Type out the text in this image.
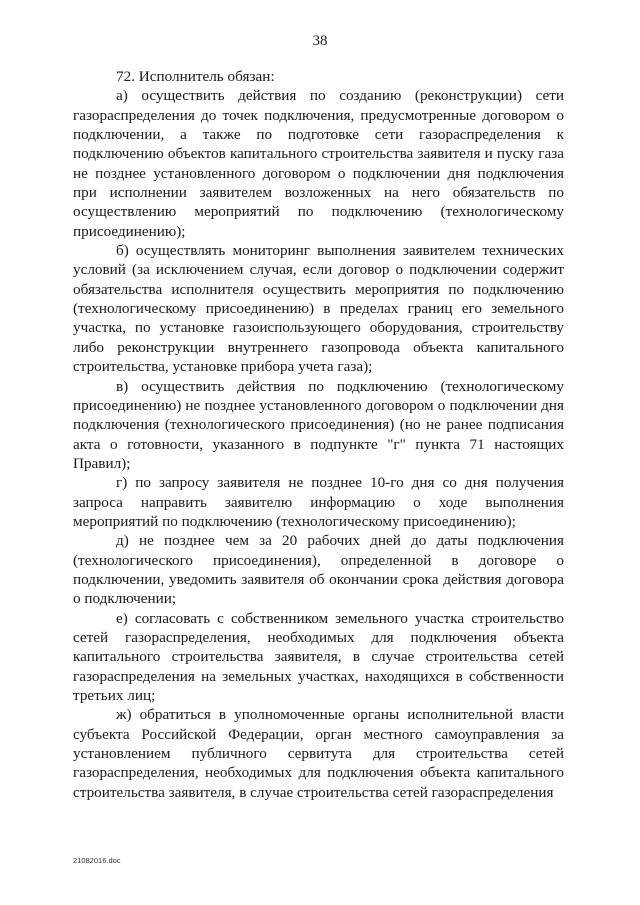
38

72. Исполнитель обязан:

а) осуществить действия по созданию (реконструкции) сети газораспределения до точек подключения, предусмотренные договором о подключении, а также по подготовке сети газораспределения к подключению объектов капитального строительства заявителя и пуску газа не позднее установленного договором о подключении дня подключения при исполнении заявителем возложенных на него обязательств по осуществлению мероприятий по подключению (технологическому присоединению);

б) осуществлять мониторинг выполнения заявителем технических условий (за исключением случая, если договор о подключении содержит обязательства исполнителя осуществить мероприятия по подключению (технологическому присоединению) в пределах границ его земельного участка, по установке газоиспользующего оборудования, строительству либо реконструкции внутреннего газопровода объекта капитального строительства, установке прибора учета газа);

в) осуществить действия по подключению (технологическому присоединению) не позднее установленного договором о подключении дня подключения (технологического присоединения) (но не ранее подписания акта о готовности, указанного в подпункте "г" пункта 71 настоящих Правил);

г) по запросу заявителя не позднее 10-го дня со дня получения запроса направить заявителю информацию о ходе выполнения мероприятий по подключению (технологическому присоединению);

д) не позднее чем за 20 рабочих дней до даты подключения (технологического присоединения), определенной в договоре о подключении, уведомить заявителя об окончании срока действия договора о подключении;

е) согласовать с собственником земельного участка строительство сетей газораспределения, необходимых для подключения объекта капитального строительства заявителя, в случае строительства сетей газораспределения на земельных участках, находящихся в собственности третьих лиц;

ж) обратиться в уполномоченные органы исполнительной власти субъекта Российской Федерации, орган местного самоуправления за установлением публичного сервитута для строительства сетей газораспределения, необходимых для подключения объекта капитального строительства заявителя, в случае строительства сетей газораспределения

21082016.doc
